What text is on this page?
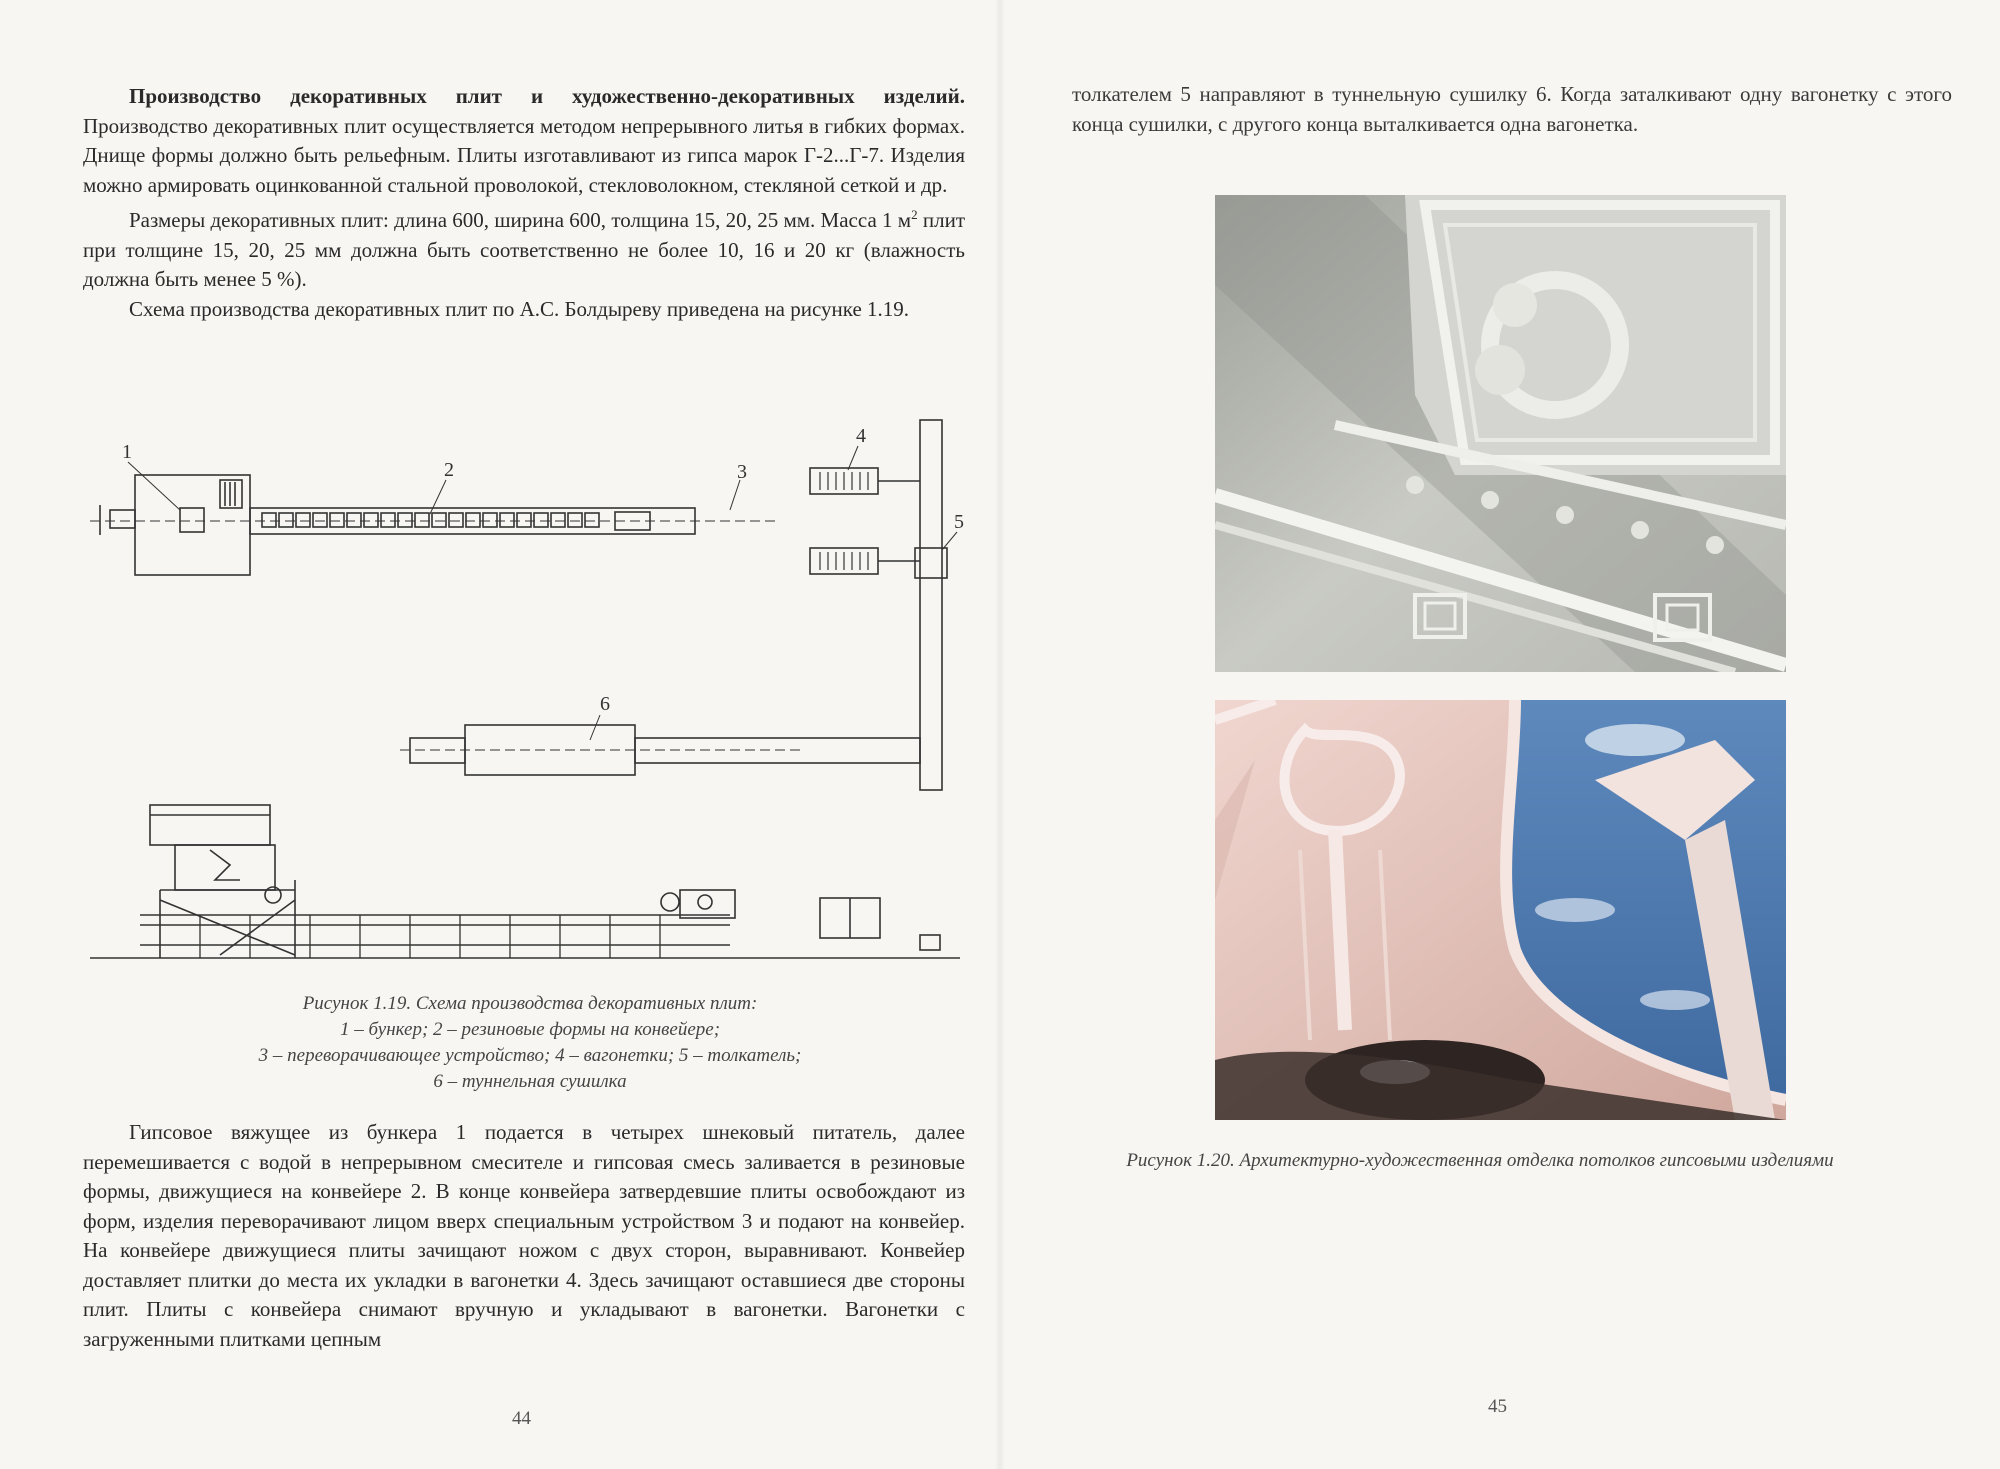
Производство декоративных плит и художественно-декоративных изделий. Производство декоративных плит осуществляется методом непрерывного литья в гибких формах. Днище формы должно быть рельефным. Плиты изготавливают из гипса марок Г-2...Г-7. Изделия можно армировать оцинкованной стальной проволокой, стекловолокном, стекляной сеткой и др.

Размеры декоративных плит: длина 600, ширина 600, толщина 15, 20, 25 мм. Масса 1 $м^2$ плит при толщине 15, 20, 25 мм должна быть соответственно не более 10, 16 и 20 кг (влажность должна быть менее 5 %).

Схема производства декоративных плит по А.С. Болдыреву приведена на рисунке 1.19.

1
2	3
4
5
6
Рисунок 1.19. Схема производства декоративных плит:
1 – бункер; 2 – резиновые формы на конвейере;
3 – переворачивающее устройство; 4 – вагонетки; 5 – толкатель;
6 – туннельная сушилка

Гипсовое вяжущее из бункера 1 подается в четырех шнековый питатель, далее перемешивается с водой в непрерывном смесителе и гипсовая смесь заливается в резиновые формы, движущиеся на конвейере 2. В конце конвейера затвердевшие плиты освобождают из форм, изделия переворачивают лицом вверх специальным устройством 3 и подают на конвейер. На конвейере движущиеся плиты зачищают ножом с двух сторон, выравнивают. Конвейер доставляет плитки до места их укладки в вагонетки 4. Здесь зачищают оставшиеся две стороны плит. Плиты с конвейера снимают вручную и укладывают в вагонетки. Вагонетки с загруженными плитками цепным

44

толкателем 5 направляют в туннельную сушилку 6. Когда заталкивают одну вагонетку с этого конца сушилки, с другого конца выталкивается одна вагонетка.

Рисунок 1.20. Архитектурно-художественная отделка потолков гипсовыми изделиями
45
